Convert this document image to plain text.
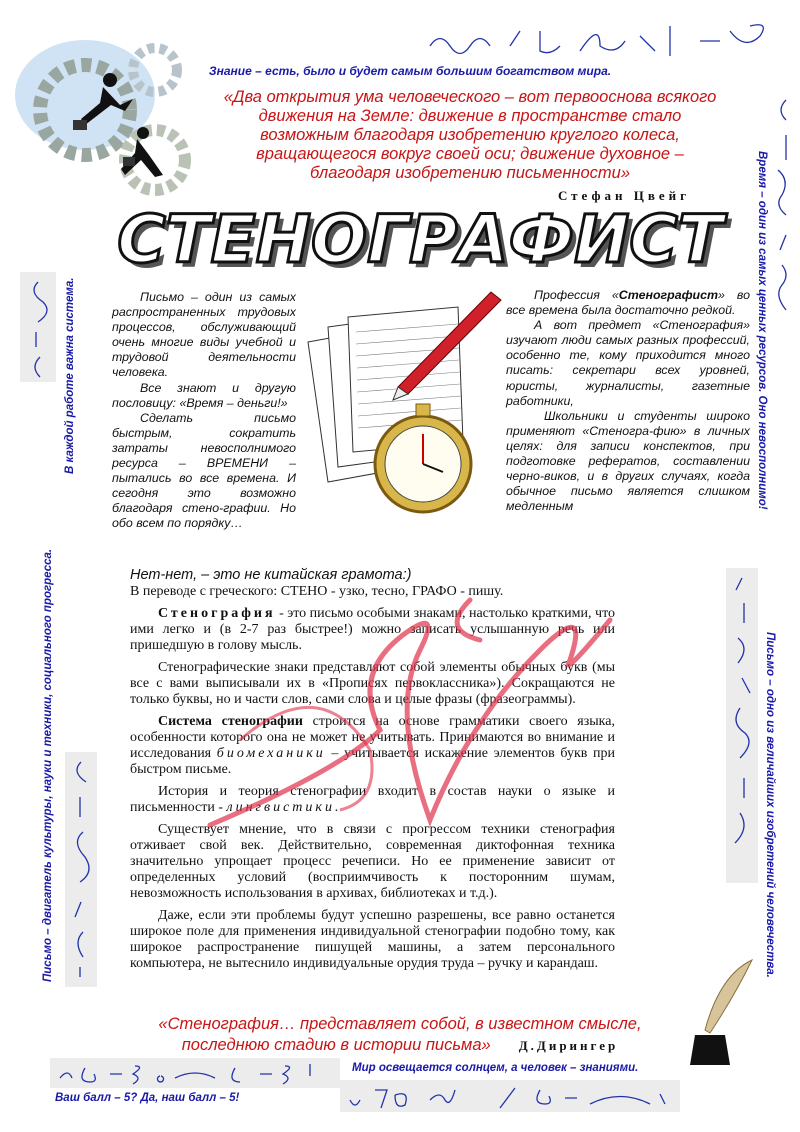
Знание – есть, было и будет самым большим богатством мира.
«Два открытия ума человеческого – вот первооснова всякого
движения на Земле: движение в пространстве стало
возможным благодаря изобретению круглого колеса,
вращающегося вокруг своей оси; движение духовное –
благодаря изобретению письменности»
Стефан Цвейг
СТЕНОГРАФИСТ
В каждой работе важна система.	Время – один из самых ценных ресурсов. Оно невосполнимо!
Письмо – двигатель культуры, науки и техники, социального прогресса.	Письмо – одно из величайших изобретений человечества.

Письмо – один из самых распространенных трудовых процессов, обслуживающий очень многие виды учебной и трудовой деятельности человека.

Все знают и другую пословицу: «Время – деньги!»

Сделать письмо быстрым, сократить затраты невосполнимого ресурса – ВРЕМЕНИ – пытались во все времена. И сегодня это возможно благодаря стено-графии. Но обо всем по порядку…

Профессия «Стенографист» во все времена была достаточно редкой.

А вот предмет «Стенография» изучают люди самых разных профессий, особенно те, кому приходится много писать: секретари всех уровней, юристы, журналисты, газетные работники,

Школьники и студенты широко применяют «Стеногра-фию» в личных целях: для записи конспектов, при подготовке рефератов, составлении черно-виков, и в других случаях, когда обычное письмо является слишком медленным

Нет-нет, – это не китайская грамота:)

В переводе с греческого: СТЕНО - узко, тесно, ГРАФО - пишу.

Стенография - это письмо особыми знаками, настолько краткими, что ими легко и (в 2-7 раз быстрее!) можно записать услышанную речь или пришедшую в голову мысль.

Стенографические знаки представляют собой элементы обычных букв (мы все с вами выписывали их в «Прописях первоклассника»). Сокращаются не только буквы, но и части слов, сами слова и целые фразы (фразеограммы).

Система стенографии строится на основе грамматики своего языка, особенности которого она не может не учитывать. Принимаются во внимание и исследования биомеханики – учитывается искажение элементов букв при быстром письме.

История и теория стенографии входит в состав науки о языке и письменности - лингвистики.

Существует мнение, что в связи с прогрессом техники стенография отживает свой век. Действительно, современная диктофонная техника значительно упрощает процесс речеписи. Но ее применение зависит от определенных условий (восприимчивость к посторонним шумам, невозможность использования в архивах, библиотеках и т.д.).

Даже, если эти проблемы будут успешно разрешены, все равно останется широкое поле для применения индивидуальной стенографии подобно тому, как широкое распространение пишущей машины, а затем персонального компьютера, не вытеснило индивидуальные орудия труда – ручку и карандаш.

«Стенография… представляет собой, в известном смысле,
последнюю стадию в истории письма» Д.Дирингер
Ваш балл – 5? Да, наш балл – 5!
Мир освещается солнцем, а человек – знаниями.
